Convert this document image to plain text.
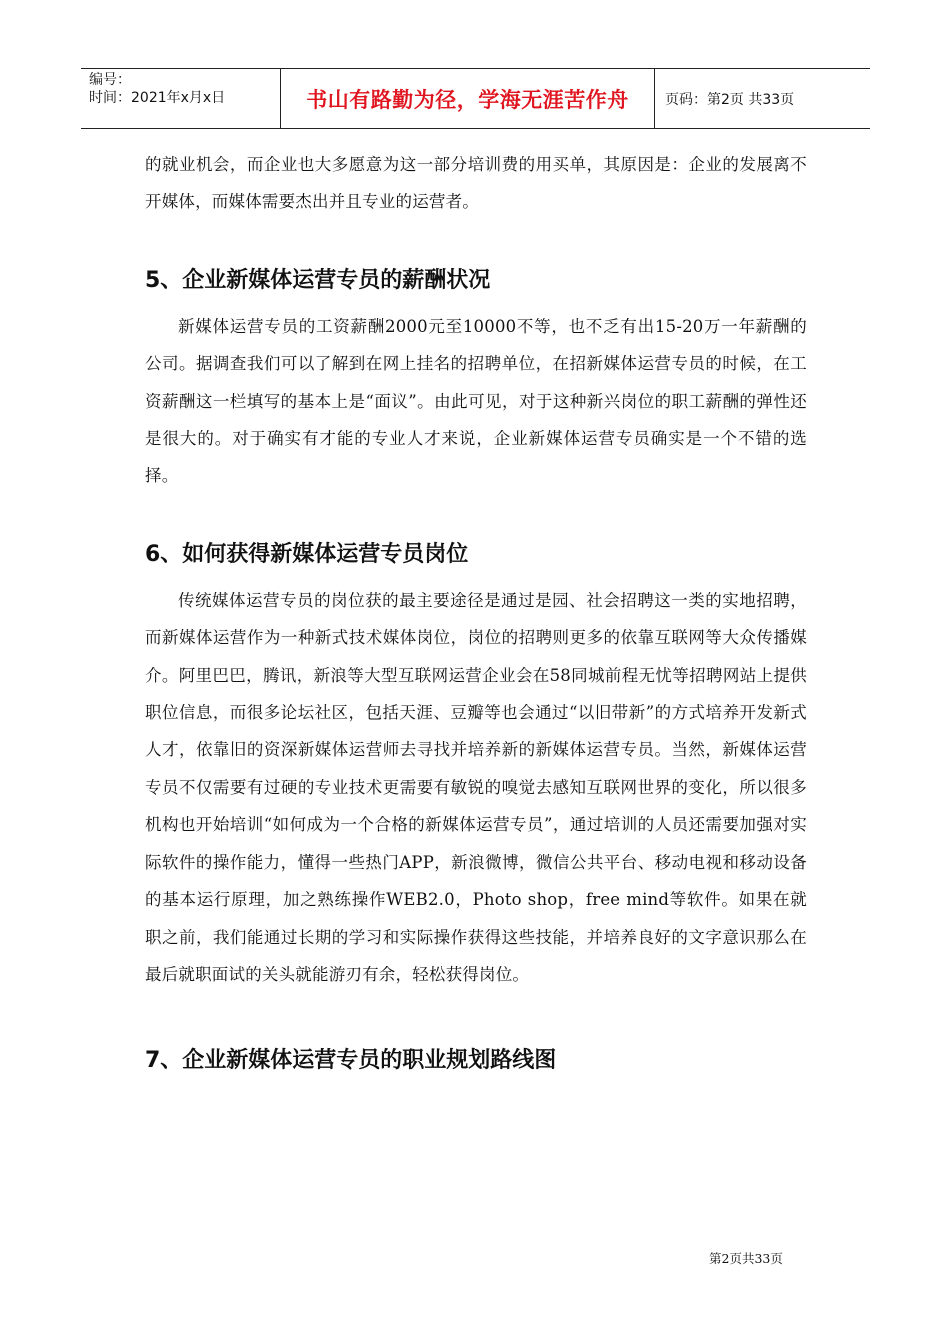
编号：
时间：2021年x月x日	书山有路勤为径，学海无涯苦作舟	页码：第2页 共33页

的就业机会，而企业也大多愿意为这一部分培训费的用买单，其原因是：企业的发展离不开媒体，而媒体需要杰出并且专业的运营者。

5、企业新媒体运营专员的薪酬状况

新媒体运营专员的工资薪酬2000元至10000不等，也不乏有出15-20万一年薪酬的公司。据调查我们可以了解到在网上挂名的招聘单位，在招新媒体运营专员的时候，在工资薪酬这一栏填写的基本上是“面议”。由此可见，对于这种新兴岗位的职工薪酬的弹性还是很大的。对于确实有才能的专业人才来说，企业新媒体运营专员确实是一个不错的选择。

6、如何获得新媒体运营专员岗位

传统媒体运营专员的岗位获的最主要途径是通过是园、社会招聘这一类的实地招聘，而新媒体运营作为一种新式技术媒体岗位，岗位的招聘则更多的依靠互联网等大众传播媒介。阿里巴巴，腾讯，新浪等大型互联网运营企业会在58同城前程无忧等招聘网站上提供职位信息，而很多论坛社区，包括天涯、豆瓣等也会通过“以旧带新”的方式培养开发新式人才，依靠旧的资深新媒体运营师去寻找并培养新的新媒体运营专员。当然，新媒体运营专员不仅需要有过硬的专业技术更需要有敏锐的嗅觉去感知互联网世界的变化，所以很多机构也开始培训“如何成为一个合格的新媒体运营专员”，通过培训的人员还需要加强对实际软件的操作能力，懂得一些热门APP，新浪微博，微信公共平台、移动电视和移动设备的基本运行原理，加之熟练操作WEB2.0，Photo shop，free mind等软件。如果在就职之前，我们能通过长期的学习和实际操作获得这些技能，并培养良好的文字意识那么在最后就职面试的关头就能游刃有余，轻松获得岗位。

7、企业新媒体运营专员的职业规划路线图
第2页共33页
